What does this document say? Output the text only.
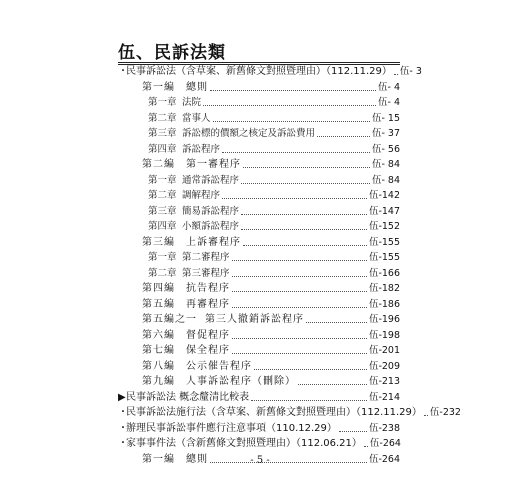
伍、民訴法類
・民事訴訟法（含草案、新舊條文對照暨理由）（112.11.29） 伍- 3
第一編 總則	伍- 4
第一章 法院	伍- 4
第二章 當事人	伍- 15
第三章 訴訟標的價額之核定及訴訟費用	伍- 37
第四章 訴訟程序	伍- 56
第二編 第一審程序	伍- 84
第一章 通常訴訟程序	伍- 84
第二章 調解程序	伍-142
第三章 簡易訴訟程序	伍-147
第四章 小額訴訟程序	伍-152
第三編 上訴審程序	伍-155
第一章 第二審程序	伍-155
第二章 第三審程序	伍-166
第四編 抗告程序	伍-182
第五編 再審程序	伍-186
第五編之一 第三人撤銷訴訟程序	伍-196
第六編 督促程序	伍-198
第七編 保全程序	伍-201
第八編 公示催告程序	伍-209
第九編 人事訴訟程序（刪除）	伍-213
▶民事訴訟法 概念釐清比較表	伍-214
・民事訴訟法施行法（含草案、新舊條文對照暨理由）（112.11.29） 伍-232
・辦理民事訴訟事件應行注意事項（110.12.29）	伍-238
・家事事件法（含新舊條文對照暨理由）（112.06.21） 伍-264
第一編 總則	伍-264
- 5 -
